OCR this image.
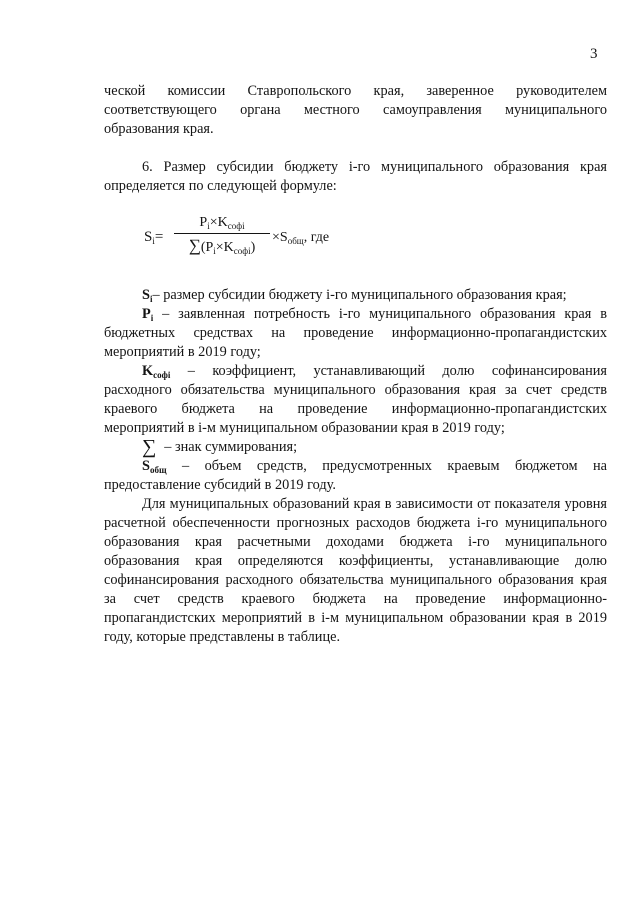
3

ческой комиссии Ставропольского края, заверенное руководителем соответствующего органа местного самоуправления муниципального образования края.

6. Размер субсидии бюджету i-го муниципального образования края определяется по следующей формуле:

$S_i=$
$P_i\times K_{софi}$
$\sum(P_i\times K_{софi})$
$\times S_{общ}$, где

$S_i-$ размер субсидии бюджету i-го муниципального образования края;

$P_i$ – заявленная потребность i-го муниципального образования края в бюджетных средствах на проведение информационно-пропагандистских мероприятий в 2019 году;

$K_{софi}$ – коэффициент, устанавливающий долю софинансирования расходного обязательства муниципального образования края за счет средств краевого бюджета на проведение информационно-пропагандистских мероприятий в i-м муниципальном образовании края в 2019 году;

∑ – знак суммирования;

$S_{общ}$ – объем средств, предусмотренных краевым бюджетом на предоставление субсидий в 2019 году.

Для муниципальных образований края в зависимости от показателя уровня расчетной обеспеченности прогнозных расходов бюджета i-го муниципального образования края расчетными доходами бюджета i-го муниципального образования края определяются коэффициенты, устанавливающие долю софинансирования расходного обязательства муниципального образования края за счет средств краевого бюджета на проведение информационно-пропагандистских мероприятий в i-м муниципальном образовании края в 2019 году, которые представлены в таблице.
